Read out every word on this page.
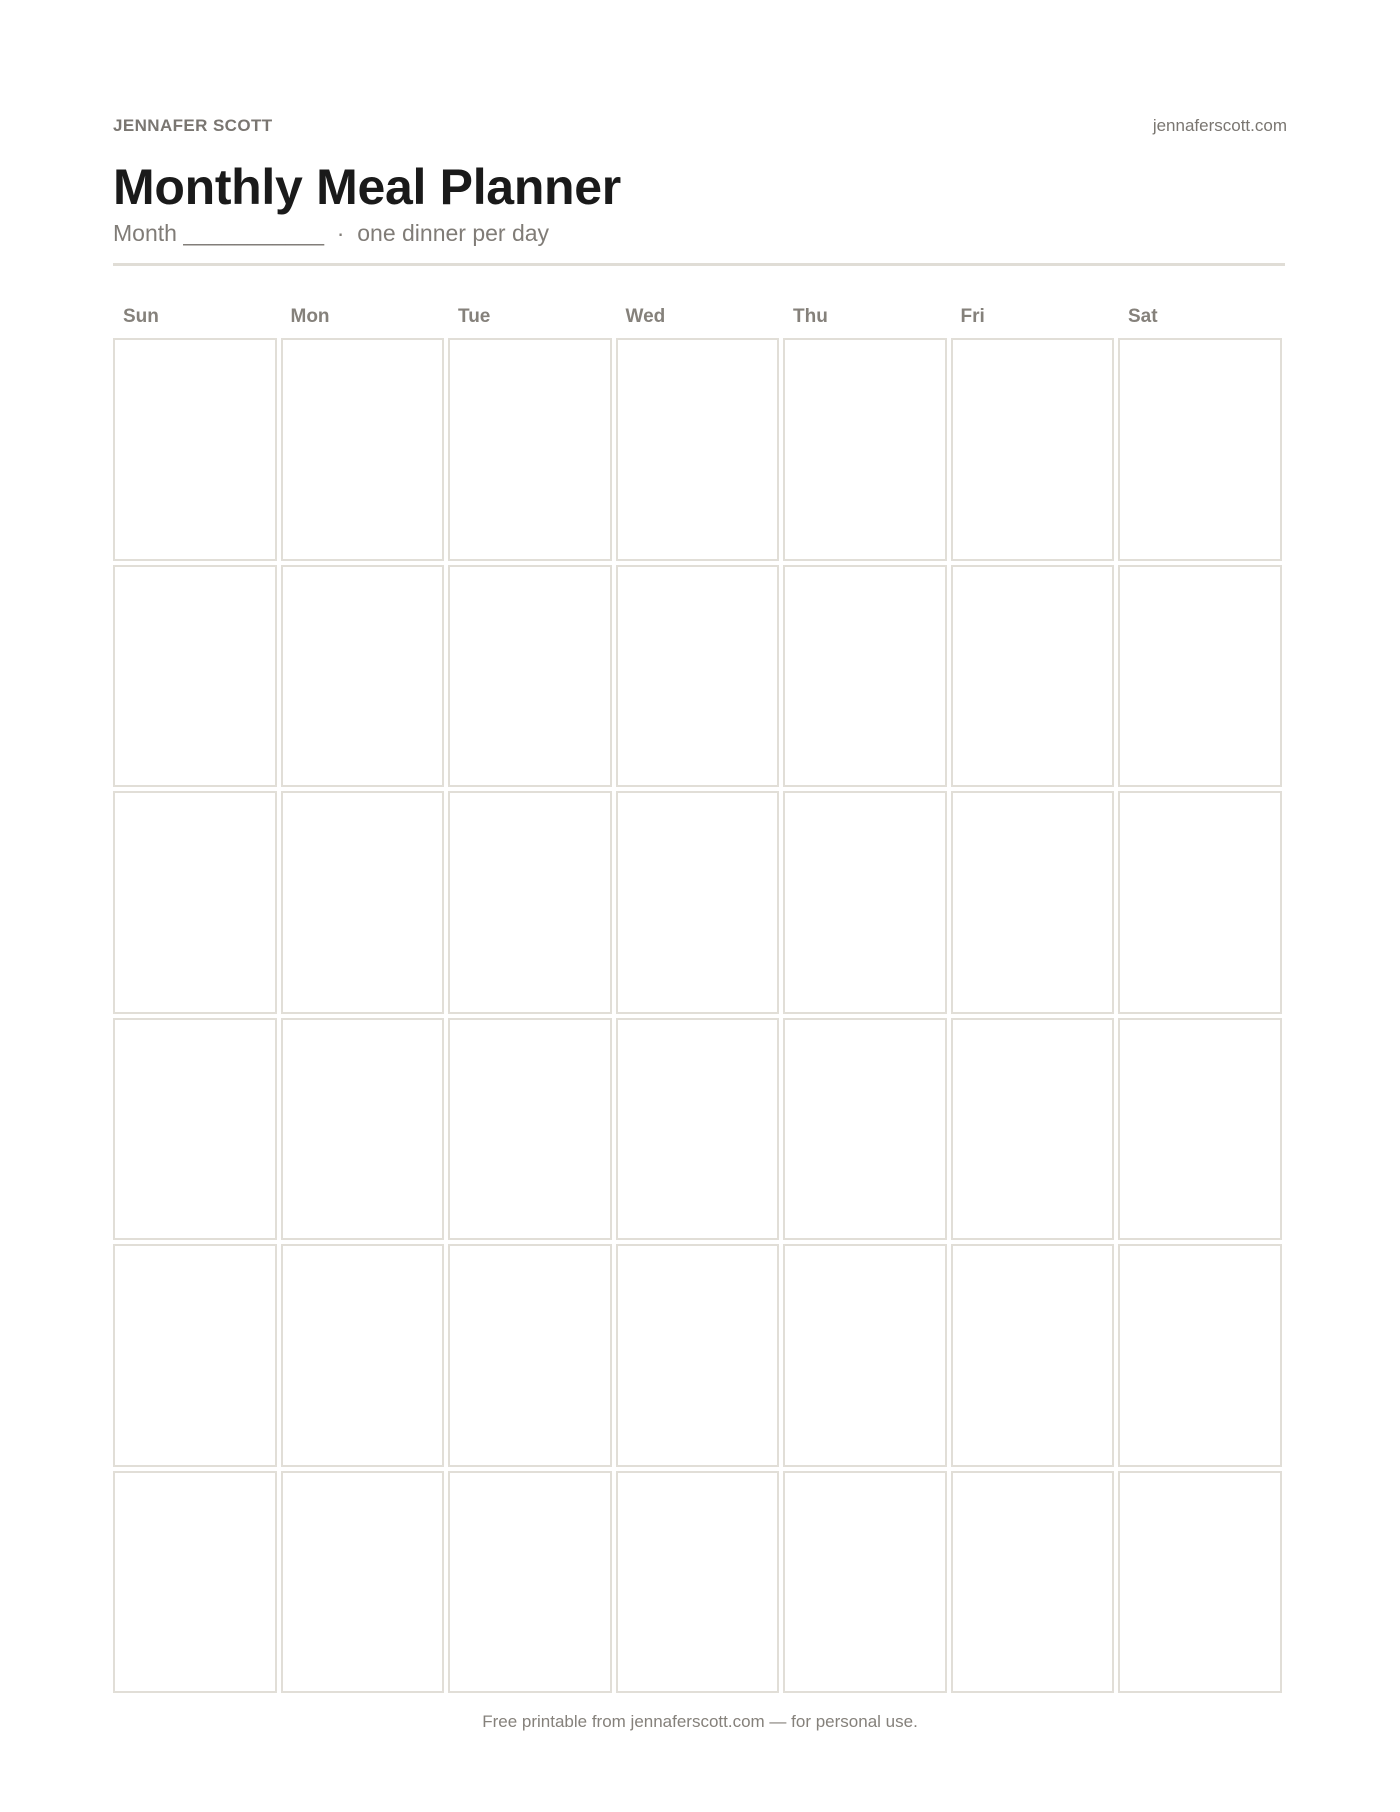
JENNAFER SCOTT	jennaferscott.com
Monthly Meal Planner
Month ___________  ·  one dinner per day
Sun	Mon	Tue	Wed	Thu	Fri	Sat
Free printable from jennaferscott.com — for personal use.
